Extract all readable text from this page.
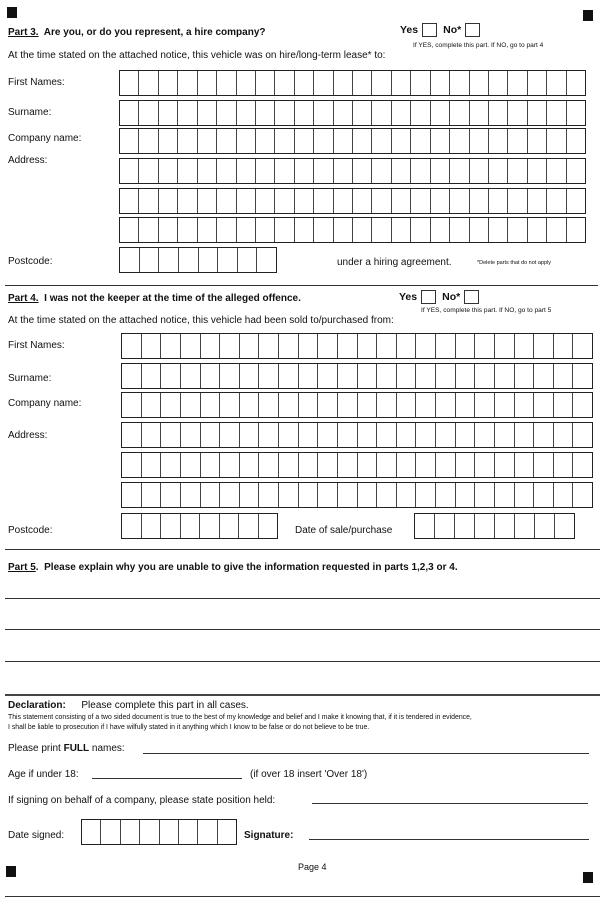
Part 3. Are you, or do you represent, a hire company?	Yes No*
If YES, complete this part. If NO, go to part 4
At the time stated on the attached notice, this vehicle was on hire/long-term lease* to:
First Names:
Surname:
Company name:
Address:
Postcode:	under a hiring agreement.	*Delete parts that do not apply
Part 4. I was not the keeper at the time of the alleged offence.	Yes No*
If YES, complete this part. If NO, go to part 5
At the time stated on the attached notice, this vehicle had been sold to/purchased from:
First Names:
Surname:
Company name:
Address:
Postcode:	Date of sale/purchase
Part 5.  Please explain why you are unable to give the information requested in parts 1,2,3 or 4.
Declaration: Please complete this part in all cases.
This statement consisting of a two sided document is true to the best of my knowledge and belief and I make it knowing that, if it is tendered in evidence,
I shall be liable to prosecution if I have wilfully stated in it anything which I know to be false or do not believe to be true.
Please print FULL names:
Age if under 18:	(if over 18 insert 'Over 18')
If signing on behalf of a company, please state position held:
Date signed:	Signature:
Page 4
